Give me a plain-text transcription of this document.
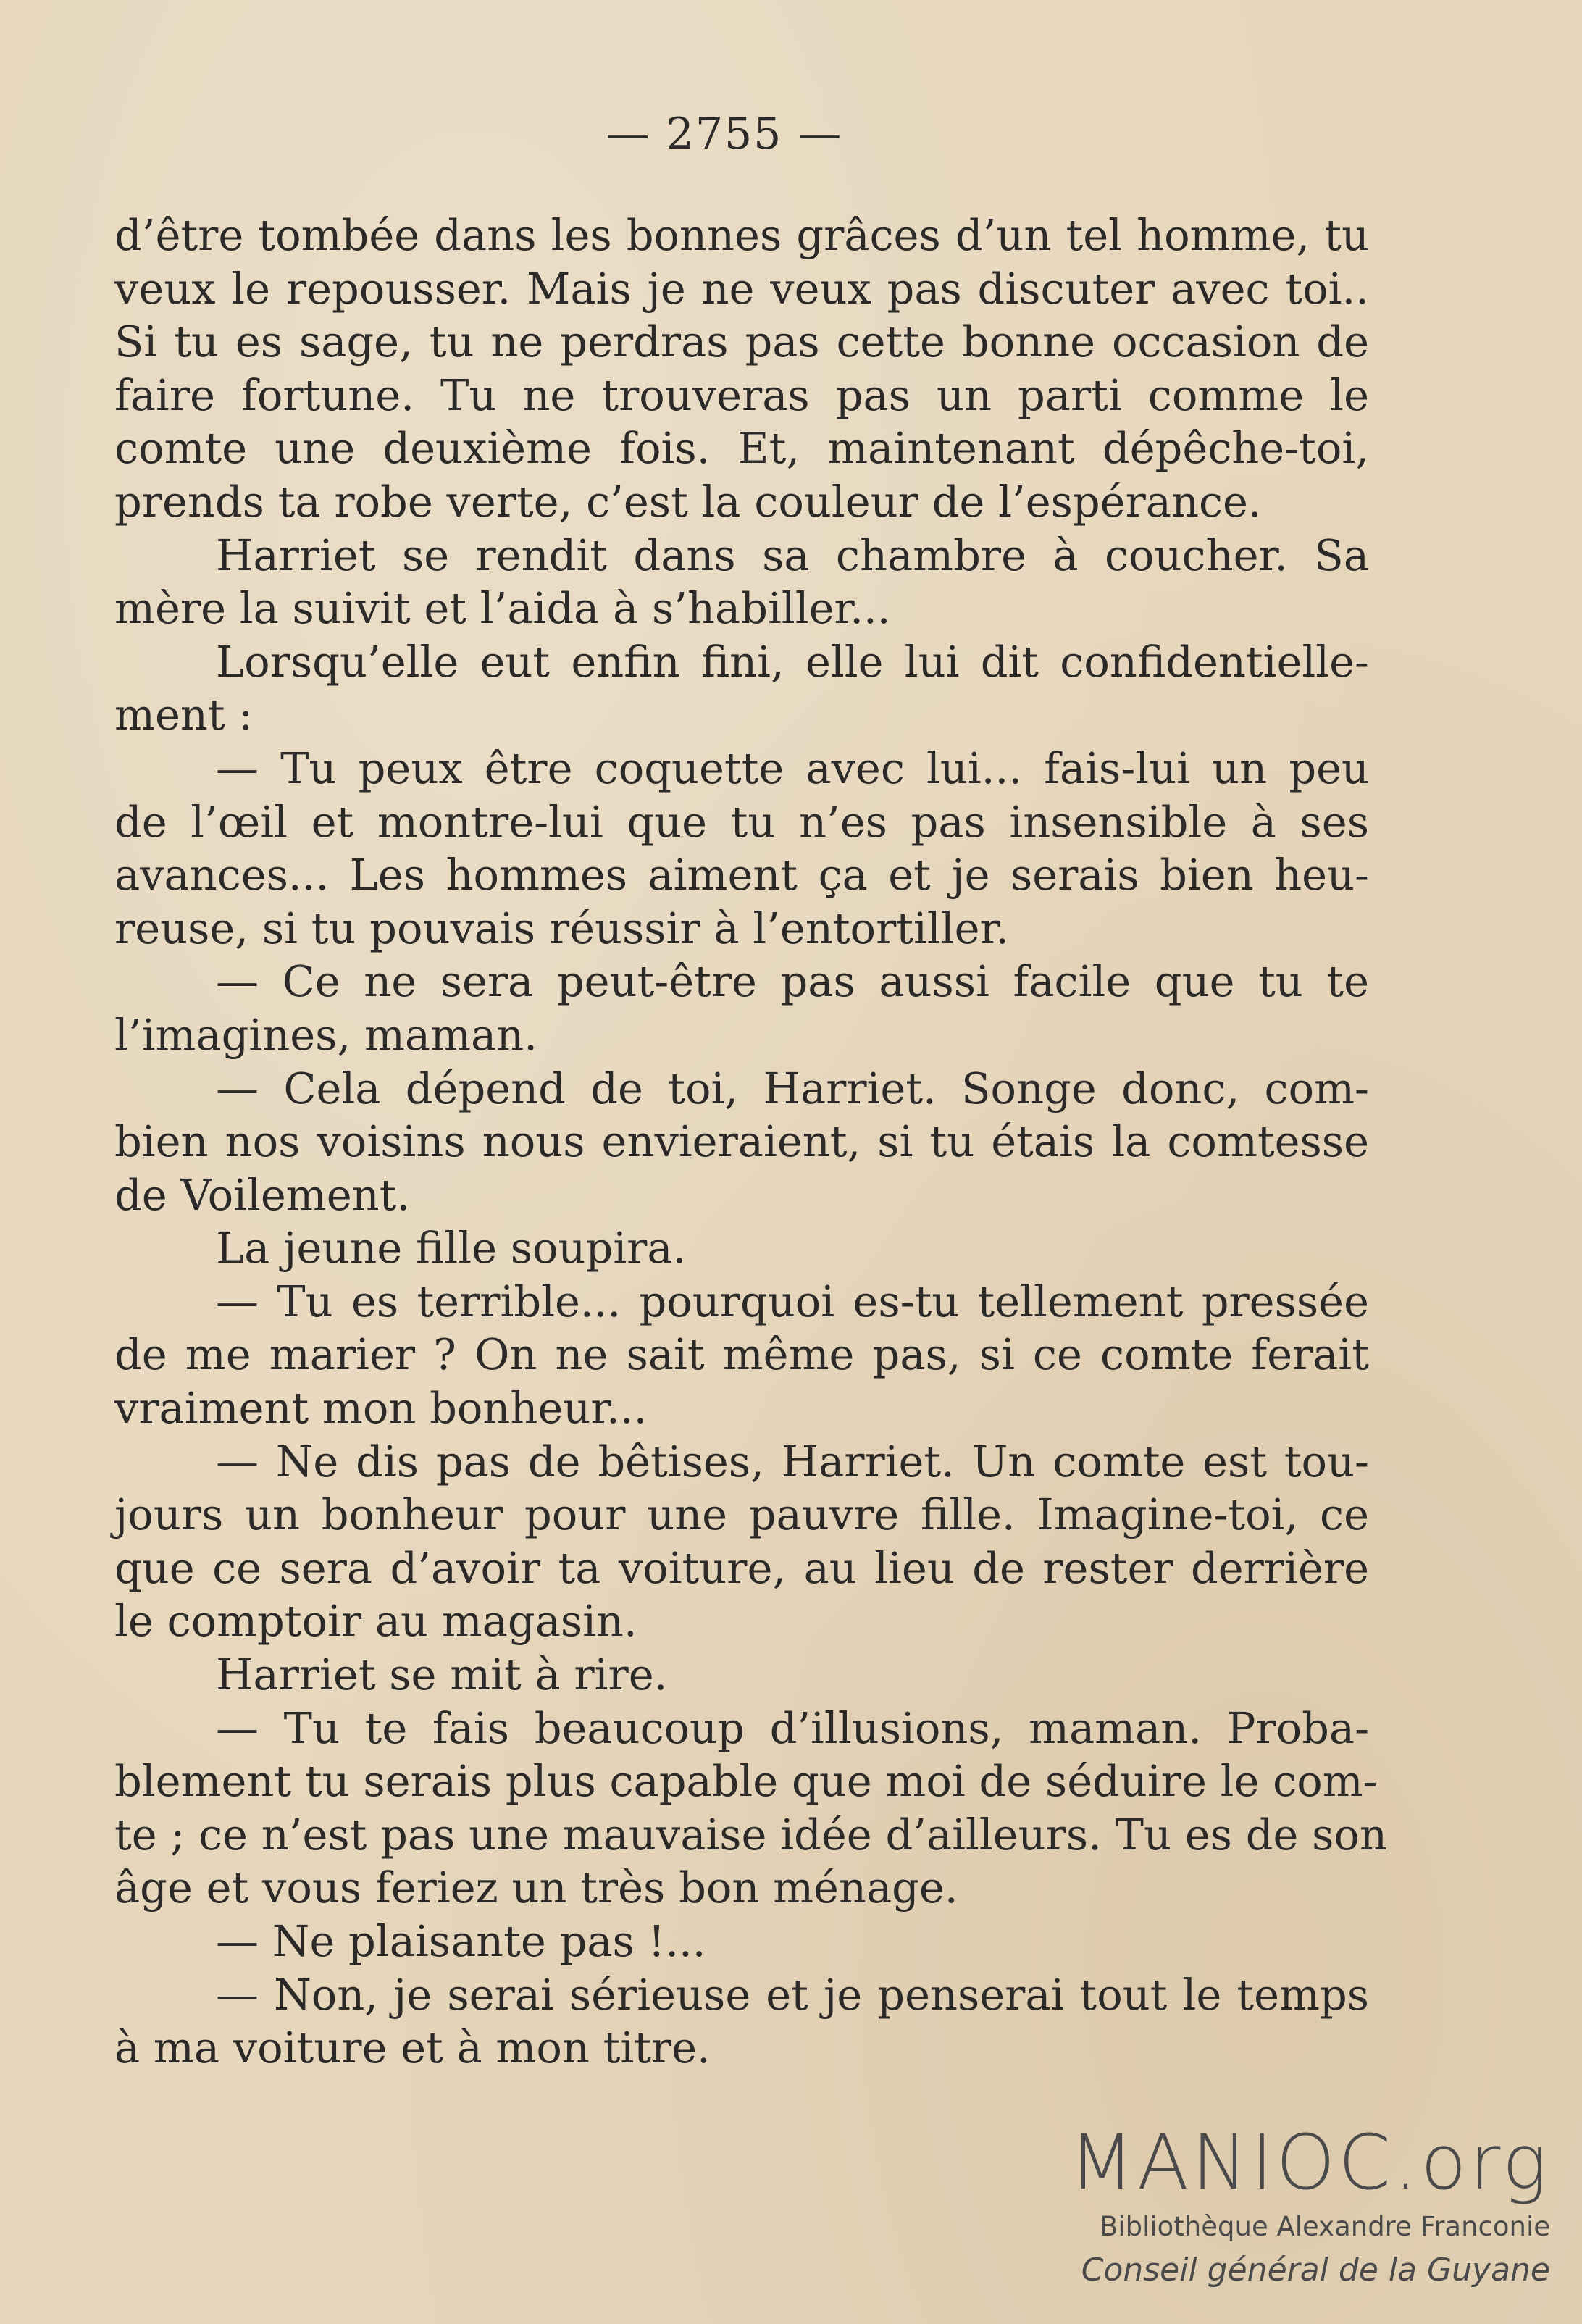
— 2755 —
d’être tombée dans les bonnes grâces d’un tel homme, tu
veux le repousser. Mais je ne veux pas discuter avec toi..
Si tu es sage, tu ne perdras pas cette bonne occasion de
faire fortune. Tu ne trouveras pas un parti comme le
comte une deuxième fois. Et, maintenant dépêche-toi,
prends ta robe verte, c’est la couleur de l’espérance.
Harriet se rendit dans sa chambre à coucher. Sa
mère la suivit et l’aida à s’habiller...
Lorsqu’elle eut enfin fini, elle lui dit confidentielle-
ment :
— Tu peux être coquette avec lui... fais-lui un peu
de l’œil et montre-lui que tu n’es pas insensible à ses
avances... Les hommes aiment ça et je serais bien heu-
reuse, si tu pouvais réussir à l’entortiller.
— Ce ne sera peut-être pas aussi facile que tu te
l’imagines, maman.
— Cela dépend de toi, Harriet. Songe donc, com-
bien nos voisins nous envieraient, si tu étais la comtesse
de Voilement.
La jeune fille soupira.
— Tu es terrible... pourquoi es-tu tellement pressée
de me marier ? On ne sait même pas, si ce comte ferait
vraiment mon bonheur...
— Ne dis pas de bêtises, Harriet. Un comte est tou-
jours un bonheur pour une pauvre fille. Imagine-toi, ce
que ce sera d’avoir ta voiture, au lieu de rester derrière
le comptoir au magasin.
Harriet se mit à rire.
— Tu te fais beaucoup d’illusions, maman. Proba-
blement tu serais plus capable que moi de séduire le com-
te ; ce n’est pas une mauvaise idée d’ailleurs. Tu es de son
âge et vous feriez un très bon ménage.
— Ne plaisante pas !...
— Non, je serai sérieuse et je penserai tout le temps
à ma voiture et à mon titre.
MANIOC.org
Bibliothèque Alexandre Franconie
Conseil général de la Guyane
